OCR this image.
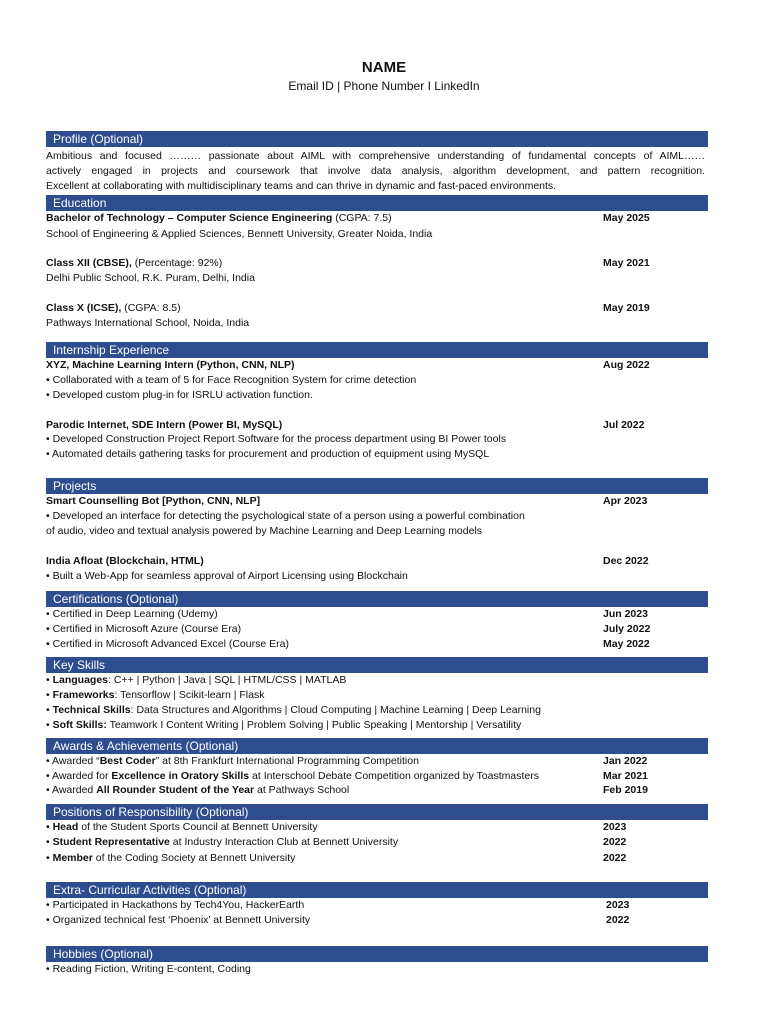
NAME
Email ID | Phone Number I LinkedIn
Profile (Optional)

Ambitious and focused ……… passionate about AIML with comprehensive understanding of fundamental concepts of AIML……

actively engaged in projects and coursework that involve data analysis, algorithm development, and pattern recognition.

Excellent at collaborating with multidisciplinary teams and can thrive in dynamic and fast-paced environments.

Education
Bachelor of Technology – Computer Science Engineering (CGPA: 7.5)	May 2025
School of Engineering & Applied Sciences, Bennett University, Greater Noida, India
Class XII (CBSE), (Percentage: 92%)	May 2021
Delhi Public School, R.K. Puram, Delhi, India
Class X (ICSE), (CGPA: 8.5)	May 2019
Pathways International School, Noida, India
Internship Experience
XYZ, Machine Learning Intern (Python, CNN, NLP)	Aug 2022
• Collaborated with a team of 5 for Face Recognition System for crime detection
• Developed custom plug-in for ISRLU activation function.
Parodic Internet, SDE Intern (Power BI, MySQL)	Jul 2022
• Developed Construction Project Report Software for the process department using BI Power tools
• Automated details gathering tasks for procurement and production of equipment using MySQL
Projects
Smart Counselling Bot [Python, CNN, NLP]	Apr 2023
• Developed an interface for detecting the psychological state of a person using a powerful combination
of audio, video and textual analysis powered by Machine Learning and Deep Learning models
India Afloat (Blockchain, HTML)	Dec 2022
• Built a Web-App for seamless approval of Airport Licensing using Blockchain
Certifications (Optional)
• Certified in Deep Learning (Udemy)	Jun 2023
• Certified in Microsoft Azure (Course Era)	July 2022
• Certified in Microsoft Advanced Excel (Course Era)	May 2022
Key Skills
• Languages: C++ | Python | Java | SQL | HTML/CSS | MATLAB
• Frameworks: Tensorflow | Scikit-learn | Flask
• Technical Skills: Data Structures and Algorithms | Cloud Computing | Machine Learning | Deep Learning
• Soft Skills: Teamwork I Content Writing | Problem Solving | Public Speaking | Mentorship | Versatility
Awards & Achievements (Optional)
• Awarded “Best Coder” at 8th Frankfurt International Programming Competition	Jan 2022
• Awarded for Excellence in Oratory Skills at Interschool Debate Competition organized by Toastmasters	Mar 2021
• Awarded All Rounder Student of the Year at Pathways School	Feb 2019
Positions of Responsibility (Optional)
• Head of the Student Sports Council at Bennett University	2023
• Student Representative at Industry Interaction Club at Bennett University	2022
• Member of the Coding Society at Bennett University	2022
Extra- Curricular Activities (Optional)
• Participated in Hackathons by Tech4You, HackerEarth	2023
• Organized technical fest ‘Phoenix’ at Bennett University	2022
Hobbies (Optional)
• Reading Fiction, Writing E-content, Coding
